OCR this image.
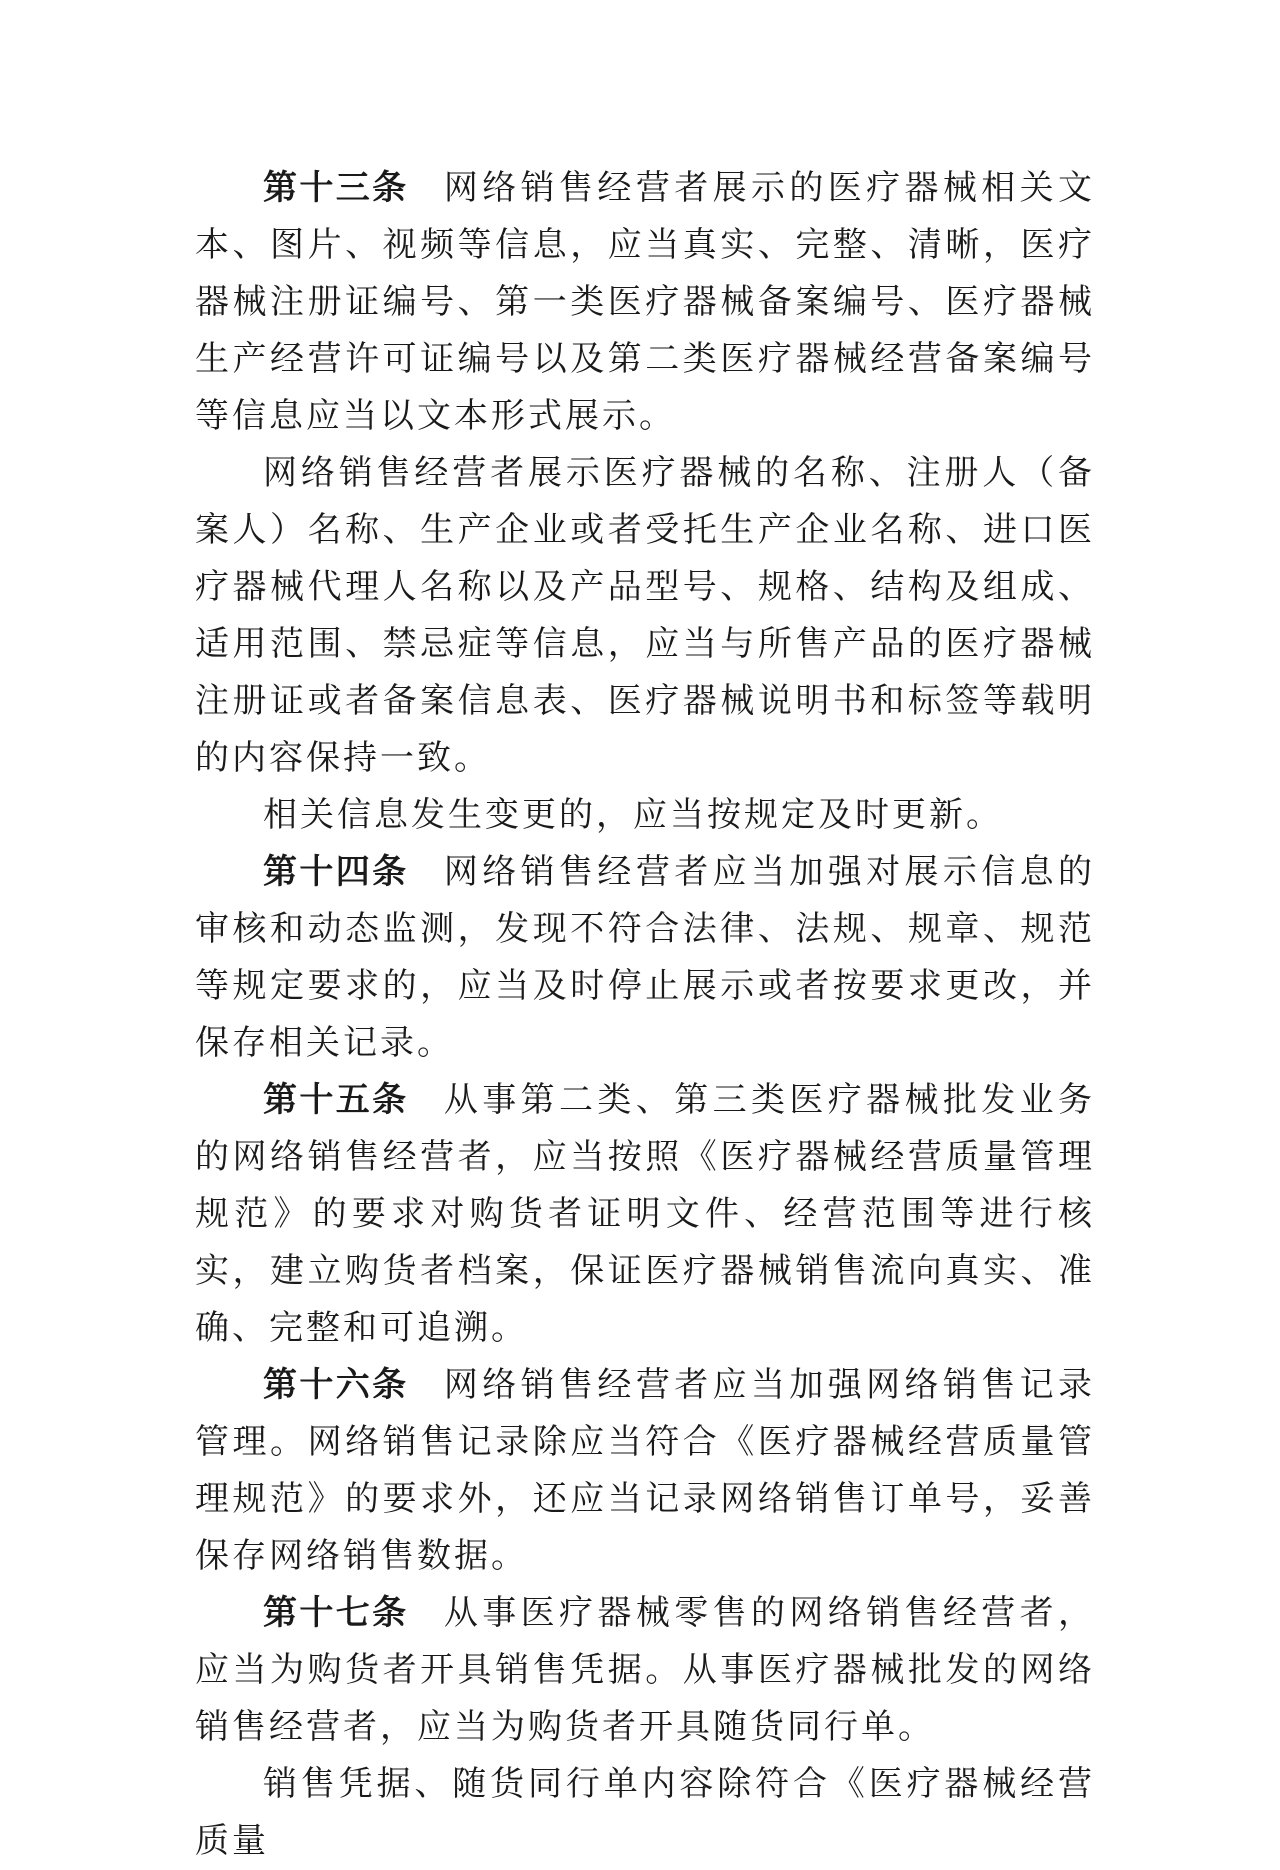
第十三条 网络销售经营者展示的医疗器械相关文本、图片、视频等信息，应当真实、完整、清晰，医疗器械注册证编号、第一类医疗器械备案编号、医疗器械生产经营许可证编号以及第二类医疗器械经营备案编号等信息应当以文本形式展示。

网络销售经营者展示医疗器械的名称、注册人（备案人）名称、生产企业或者受托生产企业名称、进口医疗器械代理人名称以及产品型号、规格、结构及组成、适用范围、禁忌症等信息，应当与所售产品的医疗器械注册证或者备案信息表、医疗器械说明书和标签等载明的内容保持一致。

相关信息发生变更的，应当按规定及时更新。

第十四条 网络销售经营者应当加强对展示信息的审核和动态监测，发现不符合法律、法规、规章、规范等规定要求的，应当及时停止展示或者按要求更改，并保存相关记录。

第十五条 从事第二类、第三类医疗器械批发业务的网络销售经营者，应当按照《医疗器械经营质量管理规范》的要求对购货者证明文件、经营范围等进行核实，建立购货者档案，保证医疗器械销售流向真实、准确、完整和可追溯。

第十六条 网络销售经营者应当加强网络销售记录管理。网络销售记录除应当符合《医疗器械经营质量管理规范》的要求外，还应当记录网络销售订单号，妥善保存网络销售数据。

第十七条 从事医疗器械零售的网络销售经营者，应当为购货者开具销售凭据。从事医疗器械批发的网络销售经营者，应当为购货者开具随货同行单。

销售凭据、随货同行单内容除符合《医疗器械经营质量
